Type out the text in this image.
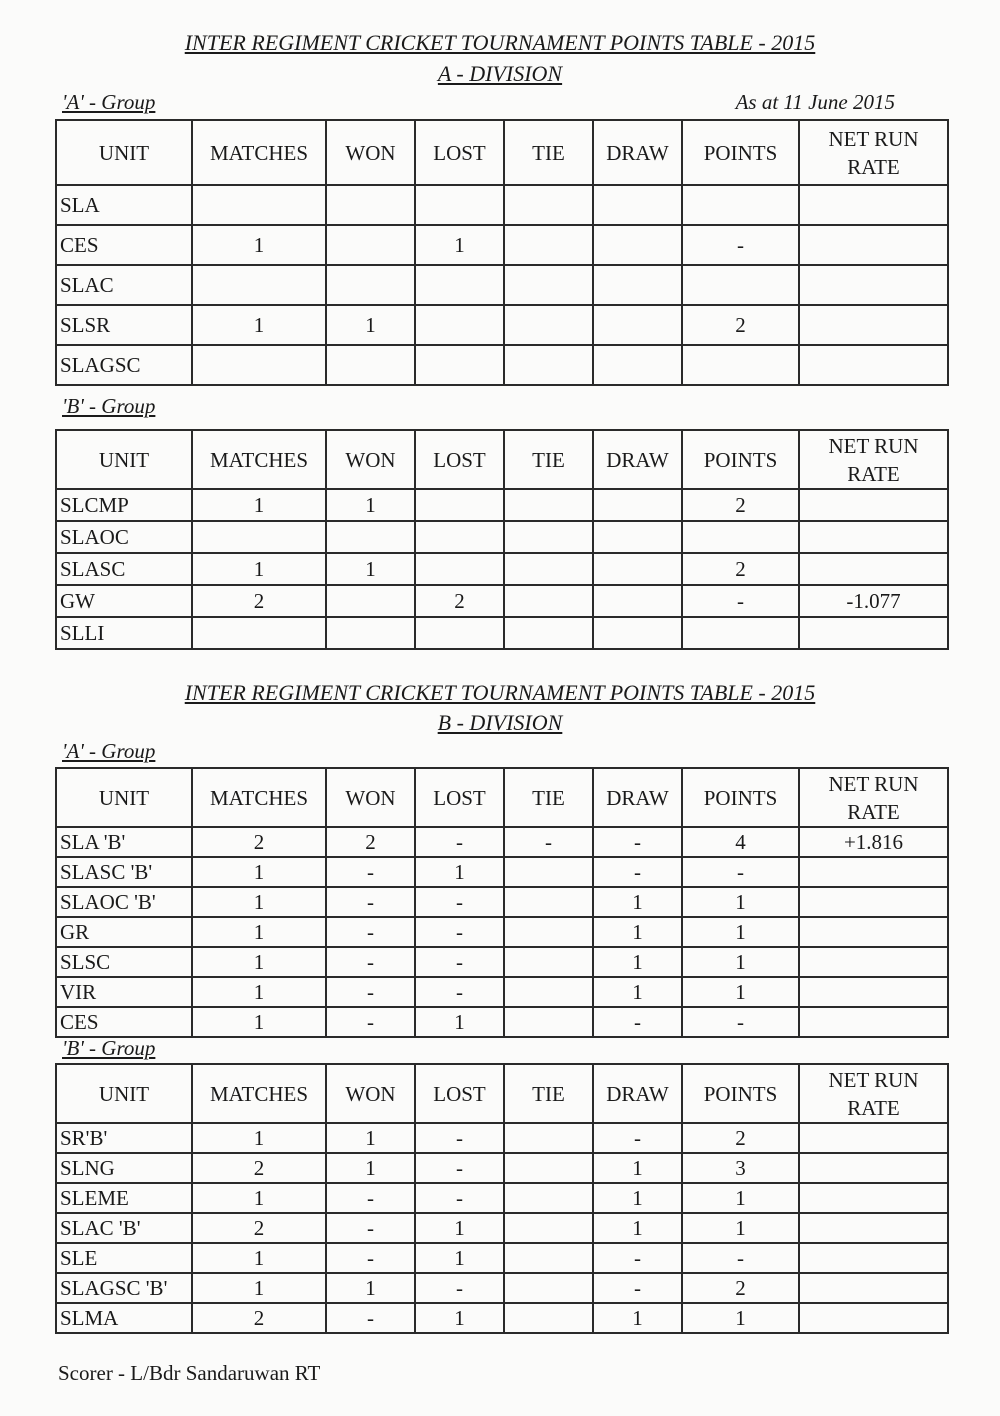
INTER REGIMENT CRICKET TOURNAMENT POINTS TABLE - 2015
A - DIVISION
'A' - Group	As at 11 June 2015
UNIT	MATCHES	WON	LOST	TIE	DRAW	POINTS	NET RUN RATE
SLA							
CES	1		1			-	
SLAC							
SLSR	1	1				2	
SLAGSC							
'B' - Group
UNIT	MATCHES	WON	LOST	TIE	DRAW	POINTS	NET RUN RATE
SLCMP	1	1				2	
SLAOC							
SLASC	1	1				2	
GW	2		2			-	-1.077
SLLI							
INTER REGIMENT CRICKET TOURNAMENT POINTS TABLE - 2015
B - DIVISION
'A' - Group
UNIT	MATCHES	WON	LOST	TIE	DRAW	POINTS	NET RUN RATE
SLA 'B'	2	2	-	-	-	4	+1.816
SLASC 'B'	1	-	1		-	-	
SLAOC 'B'	1	-	-		1	1	
GR	1	-	-		1	1	
SLSC	1	-	-		1	1	
VIR	1	-	-		1	1	
CES	1	-	1		-	-	
'B' - Group
UNIT	MATCHES	WON	LOST	TIE	DRAW	POINTS	NET RUN RATE
SR'B'	1	1	-		-	2	
SLNG	2	1	-		1	3	
SLEME	1	-	-		1	1	
SLAC 'B'	2	-	1		1	1	
SLE	1	-	1		-	-	
SLAGSC 'B'	1	1	-		-	2	
SLMA	2	-	1		1	1	
Scorer - L/Bdr Sandaruwan RT
